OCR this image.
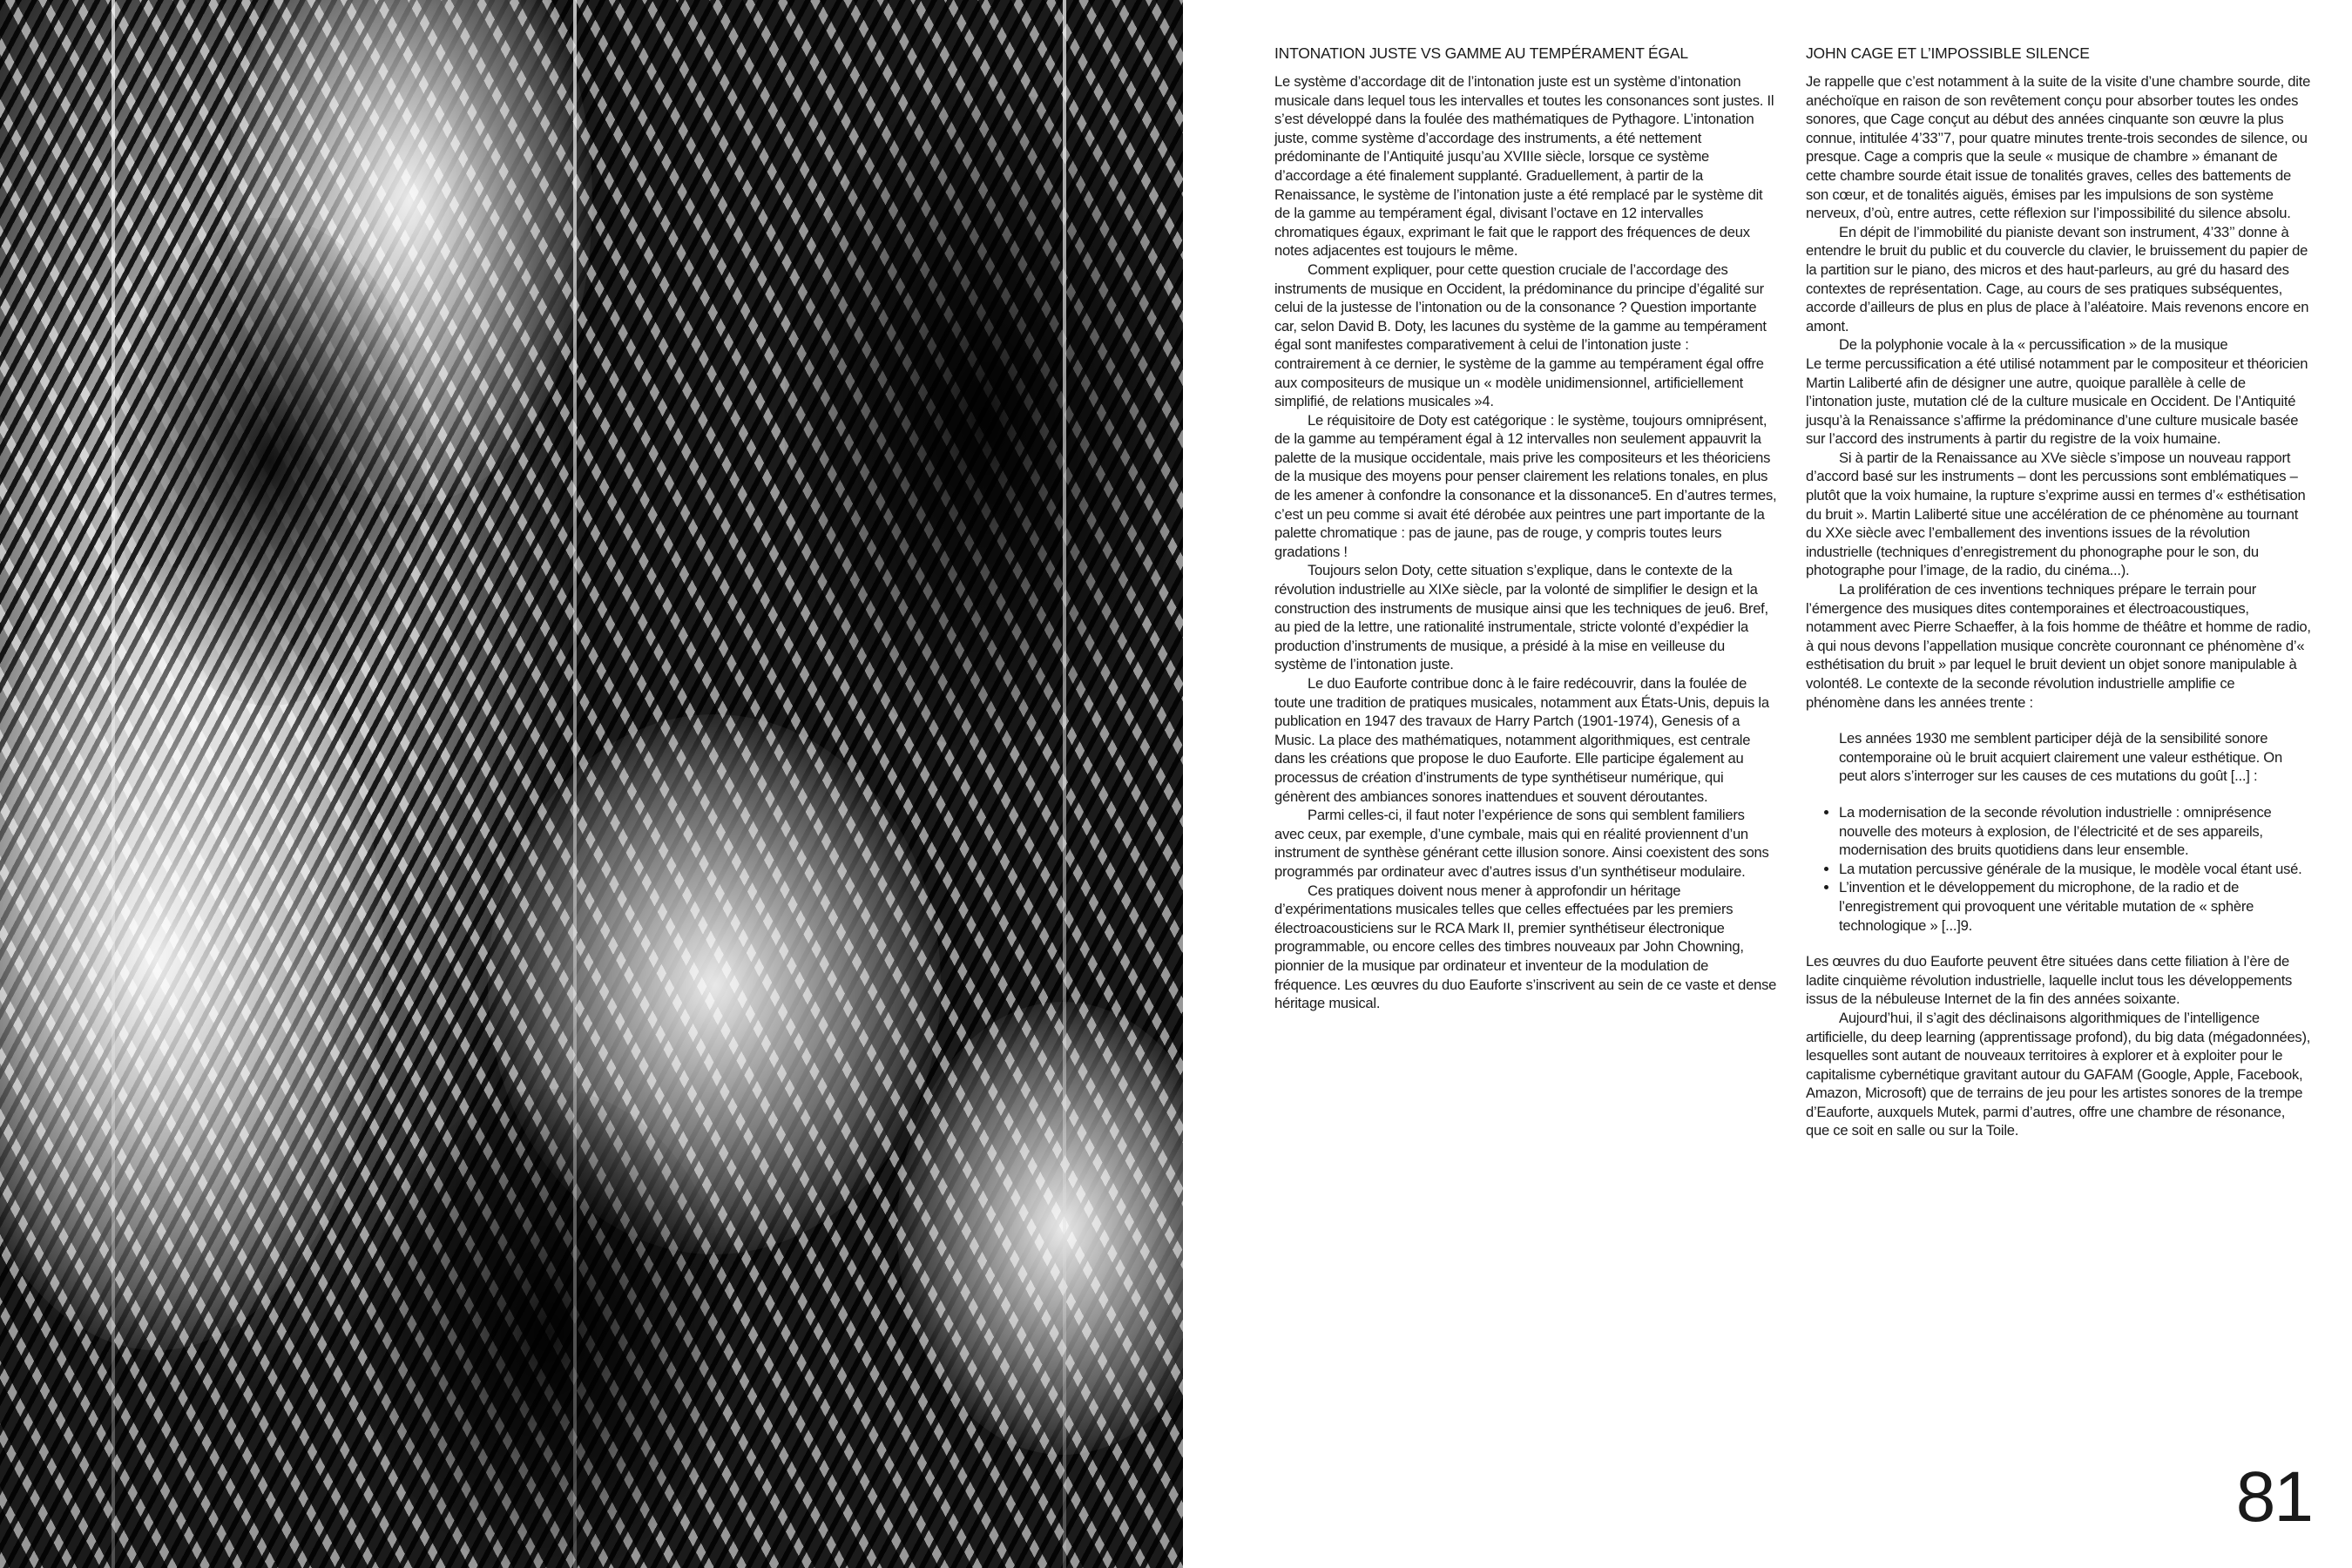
INTONATION JUSTE VS GAMME AU TEMPÉRAMENT ÉGAL

Le système d’accordage dit de l’intonation juste est un système d’intonation musicale dans lequel tous les intervalles et toutes les consonances sont justes. Il s’est développé dans la foulée des mathématiques de Pythagore. L’intonation juste, comme système d’accordage des instruments, a été nettement prédominante de l’Antiquité jusqu’au XVIIIe siècle, lorsque ce système d’accordage a été finalement supplanté. Graduellement, à partir de la Renaissance, le système de l’intonation juste a été remplacé par le système dit de la gamme au tempérament égal, divisant l’octave en 12 intervalles chromatiques égaux, exprimant le fait que le rapport des fréquences de deux notes adjacentes est toujours le même.

Comment expliquer, pour cette question cruciale de l’accordage des instruments de musique en Occident, la prédominance du principe d’égalité sur celui de la justesse de l’intonation ou de la consonance ? Question importante car, selon David B. Doty, les lacunes du système de la gamme au tempérament égal sont manifestes comparativement à celui de l’intonation juste : contrairement à ce dernier, le système de la gamme au tempérament égal offre aux compositeurs de musique un « modèle unidimensionnel, artificiellement simplifié, de relations musicales »4.

Le réquisitoire de Doty est catégorique : le système, toujours omniprésent, de la gamme au tempérament égal à 12 intervalles non seulement appauvrit la palette de la musique occidentale, mais prive les compositeurs et les théoriciens de la musique des moyens pour penser clairement les relations tonales, en plus de les amener à confondre la consonance et la dissonance5. En d’autres termes, c’est un peu comme si avait été dérobée aux peintres une part importante de la palette chromatique : pas de jaune, pas de rouge, y compris toutes leurs gradations !

Toujours selon Doty, cette situation s’explique, dans le contexte de la révolution industrielle au XIXe siècle, par la volonté de simplifier le design et la construction des instruments de musique ainsi que les techniques de jeu6. Bref, au pied de la lettre, une rationalité instrumentale, stricte volonté d’expédier la production d’instruments de musique, a présidé à la mise en veilleuse du système de l’intonation juste.

Le duo Eauforte contribue donc à le faire redécouvrir, dans la foulée de toute une tradition de pratiques musicales, notamment aux États-Unis, depuis la publication en 1947 des travaux de Harry Partch (1901-1974), Genesis of a Music. La place des mathématiques, notamment algorithmiques, est centrale dans les créations que propose le duo Eauforte. Elle participe également au processus de création d’instruments de type synthétiseur numérique, qui génèrent des ambiances sonores inattendues et souvent déroutantes.

Parmi celles-ci, il faut noter l’expérience de sons qui semblent familiers avec ceux, par exemple, d’une cymbale, mais qui en réalité proviennent d’un instrument de synthèse générant cette illusion sonore. Ainsi coexistent des sons programmés par ordinateur avec d’autres issus d’un synthétiseur modulaire.

Ces pratiques doivent nous mener à approfondir un héritage d’expérimentations musicales telles que celles effectuées par les premiers électroacousticiens sur le RCA Mark II, premier synthétiseur électronique programmable, ou encore celles des timbres nouveaux par John Chowning, pionnier de la musique par ordinateur et inventeur de la modulation de fréquence. Les œuvres du duo Eauforte s’inscrivent au sein de ce vaste et dense héritage musical.

JOHN CAGE ET L’IMPOSSIBLE SILENCE

Je rappelle que c’est notamment à la suite de la visite d’une chambre sourde, dite anéchoïque en raison de son revêtement conçu pour absorber toutes les ondes sonores, que Cage conçut au début des années cinquante son œuvre la plus connue, intitulée 4’33’’7, pour quatre minutes trente-trois secondes de silence, ou presque. Cage a compris que la seule « musique de chambre » émanant de cette chambre sourde était issue de tonalités graves, celles des battements de son cœur, et de tonalités aiguës, émises par les impulsions de son système nerveux, d’où, entre autres, cette réflexion sur l’impossibilité du silence absolu.

En dépit de l’immobilité du pianiste devant son instrument, 4’33’’ donne à entendre le bruit du public et du couvercle du clavier, le bruissement du papier de la partition sur le piano, des micros et des haut-parleurs, au gré du hasard des contextes de représentation. Cage, au cours de ses pratiques subséquentes, accorde d’ailleurs de plus en plus de place à l’aléatoire. Mais revenons encore en amont.

De la polyphonie vocale à la « percussification » de la musique

Le terme percussification a été utilisé notamment par le compositeur et théoricien Martin Laliberté afin de désigner une autre, quoique parallèle à celle de l’intonation juste, mutation clé de la culture musicale en Occident. De l’Antiquité jusqu’à la Renaissance s’affirme la prédominance d’une culture musicale basée sur l’accord des instruments à partir du registre de la voix humaine.

Si à partir de la Renaissance au XVe siècle s’impose un nouveau rapport d’accord basé sur les instruments – dont les percussions sont emblématiques – plutôt que la voix humaine, la rupture s’exprime aussi en termes d’« esthétisation du bruit ». Martin Laliberté situe une accélération de ce phénomène au tournant du XXe siècle avec l’emballement des inventions issues de la révolution industrielle (techniques d’enregistrement du phonographe pour le son, du photographe pour l’image, de la radio, du cinéma...).

La prolifération de ces inventions techniques prépare le terrain pour l’émergence des musiques dites contemporaines et électroacoustiques, notamment avec Pierre Schaeffer, à la fois homme de théâtre et homme de radio, à qui nous devons l’appellation musique concrète couronnant ce phénomène d’« esthétisation du bruit » par lequel le bruit devient un objet sonore manipulable à volonté8. Le contexte de la seconde révolution industrielle amplifie ce phénomène dans les années trente :

Les années 1930 me semblent participer déjà de la sensibilité sonore contemporaine où le bruit acquiert clairement une valeur esthétique. On peut alors s’interroger sur les causes de ces mutations du goût [...] :

• La modernisation de la seconde révolution industrielle : omniprésence nouvelle des moteurs à explosion, de l’électricité et de ses appareils, modernisation des bruits quotidiens dans leur ensemble.
• La mutation percussive générale de la musique, le modèle vocal étant usé.
• L’invention et le développement du microphone, de la radio et de l’enregistrement qui provoquent une véritable mutation de « sphère technologique » [...]9.

Les œuvres du duo Eauforte peuvent être situées dans cette filiation à l’ère de ladite cinquième révolution industrielle, laquelle inclut tous les développements issus de la nébuleuse Internet de la fin des années soixante.

Aujourd’hui, il s’agit des déclinaisons algorithmiques de l’intelligence artificielle, du deep learning (apprentissage profond), du big data (mégadonnées), lesquelles sont autant de nouveaux territoires à explorer et à exploiter pour le capitalisme cybernétique gravitant autour du GAFAM (Google, Apple, Facebook, Amazon, Microsoft) que de terrains de jeu pour les artistes sonores de la trempe d’Eauforte, auxquels Mutek, parmi d’autres, offre une chambre de résonance, que ce soit en salle ou sur la Toile.

81
